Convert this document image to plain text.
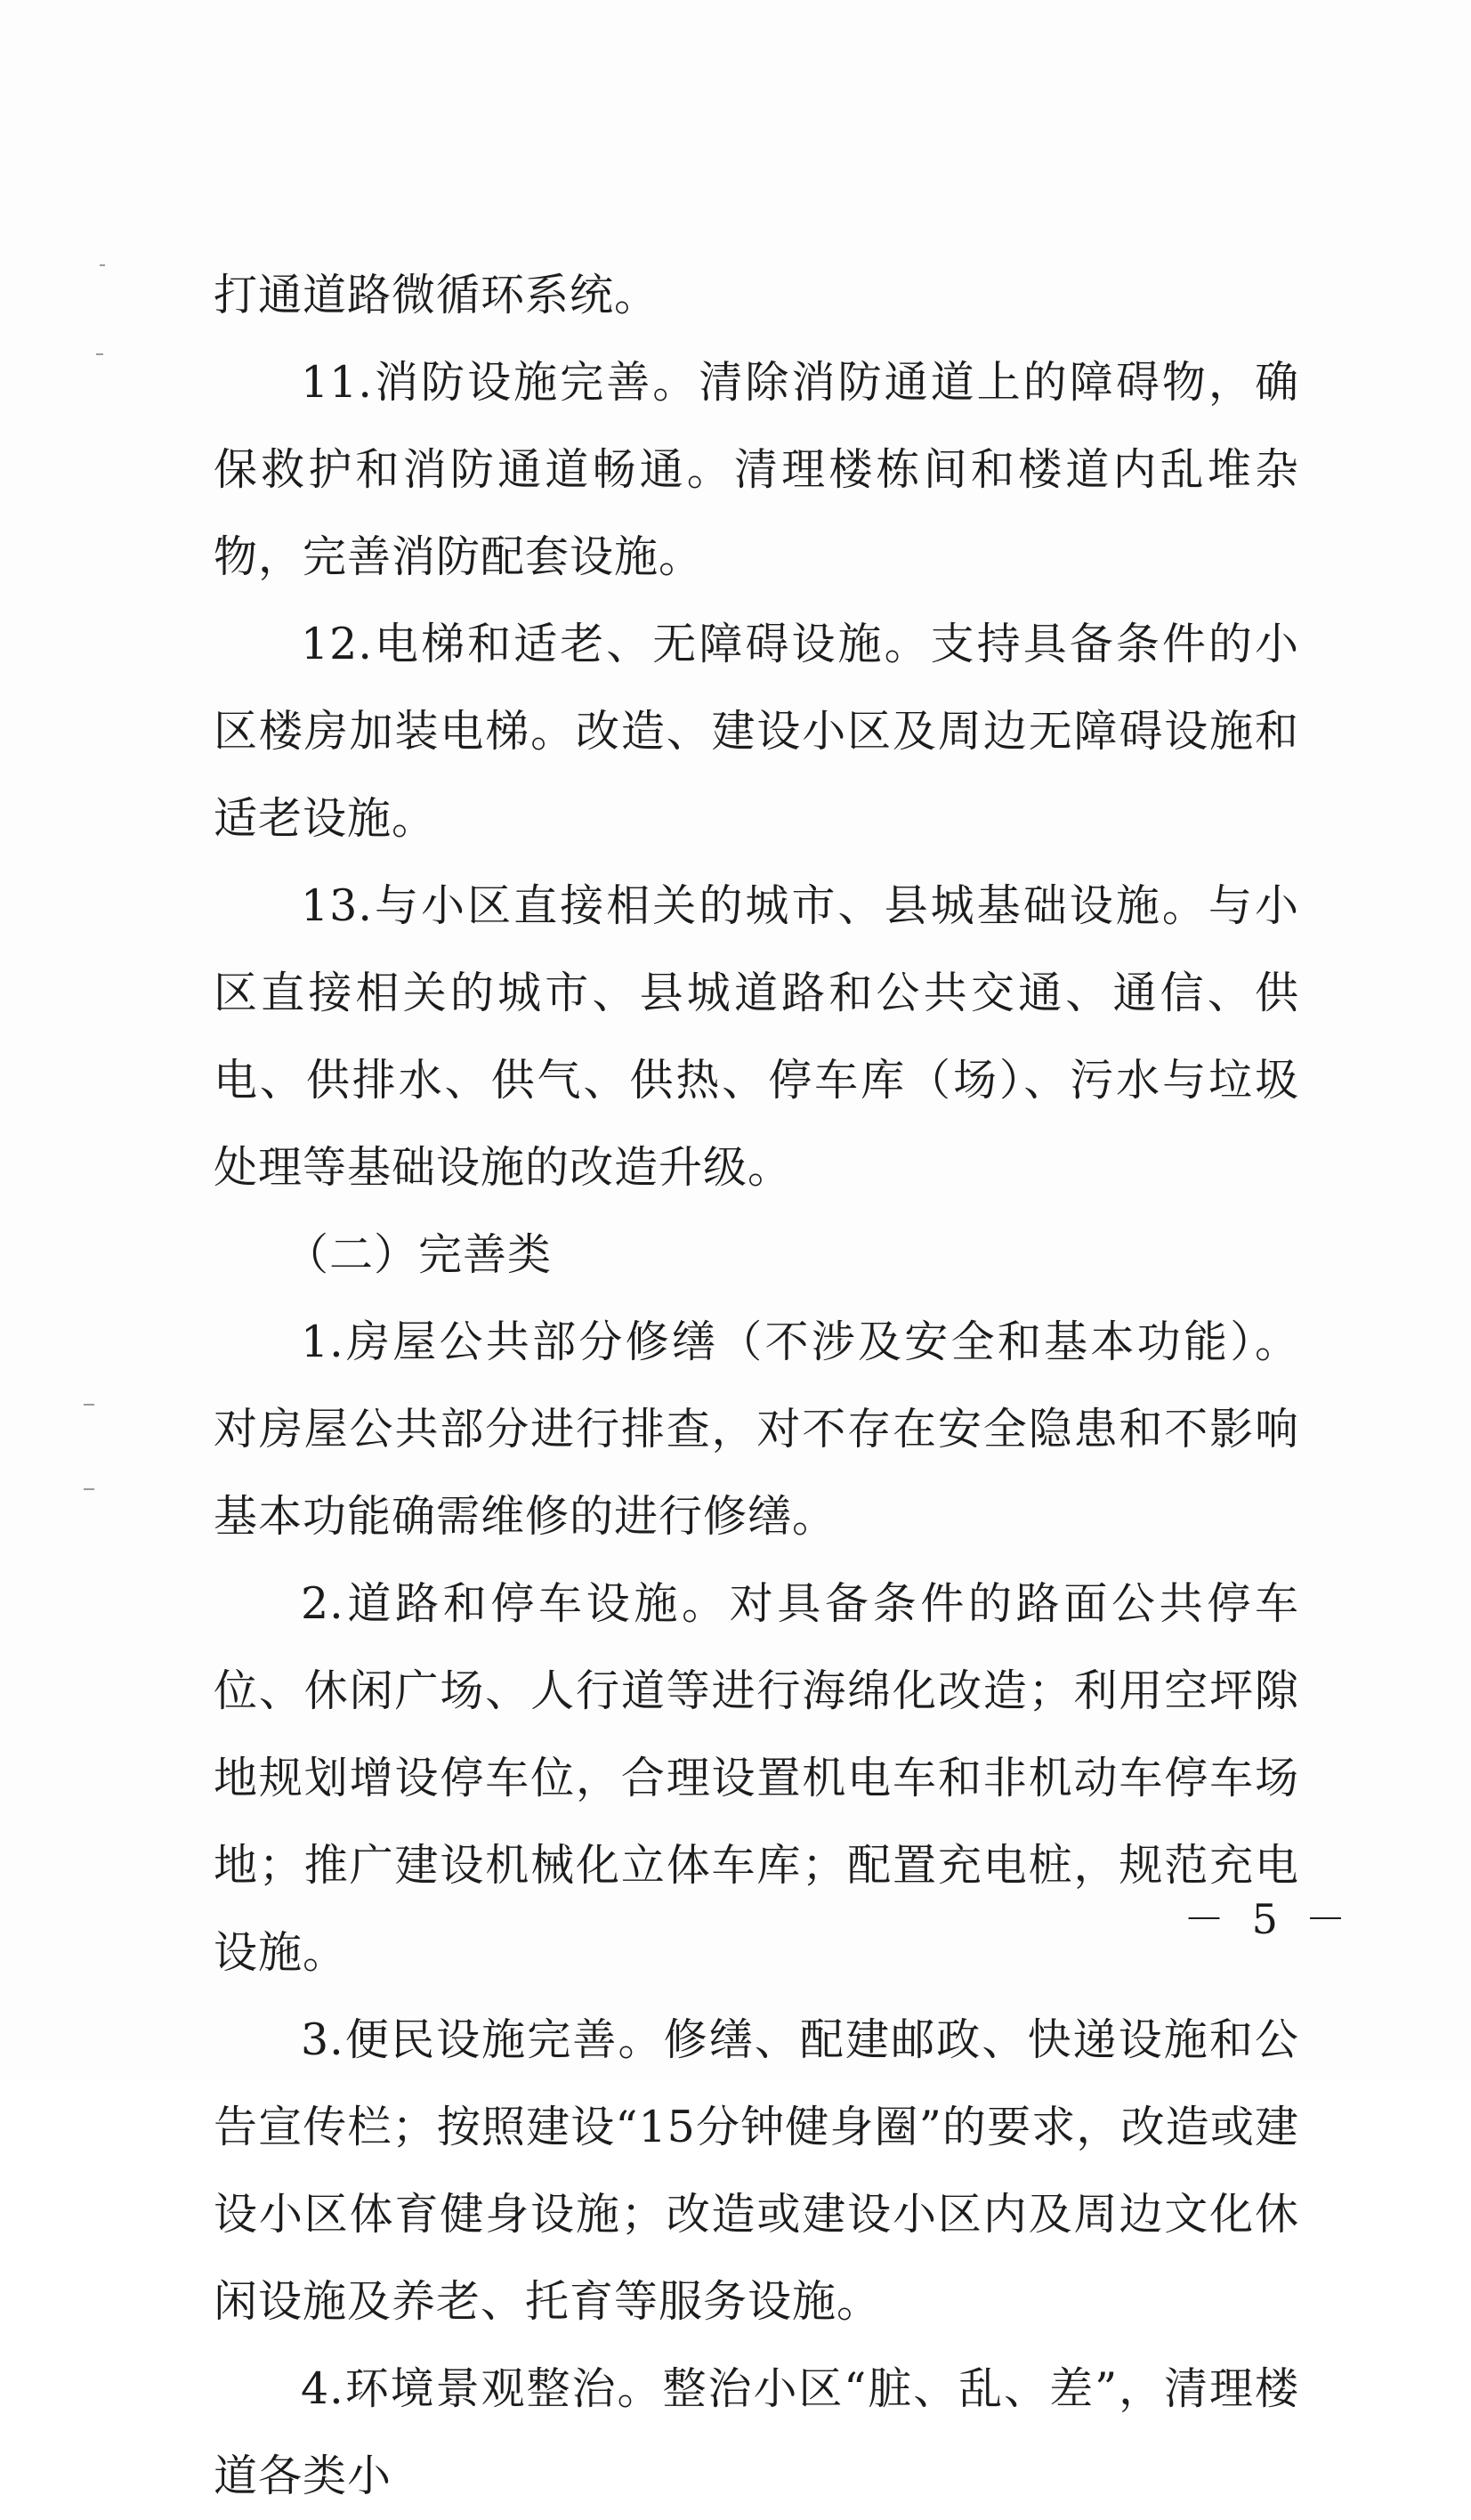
打通道路微循环系统。

11.消防设施完善。清除消防通道上的障碍物，确保救护和消防通道畅通。清理楼栋间和楼道内乱堆杂物，完善消防配套设施。

12.电梯和适老、无障碍设施。支持具备条件的小区楼房加装电梯。改造、建设小区及周边无障碍设施和适老设施。

13.与小区直接相关的城市、县城基础设施。与小区直接相关的城市、县城道路和公共交通、通信、供电、供排水、供气、供热、停车库（场）、污水与垃圾处理等基础设施的改造升级。

（二）完善类

1.房屋公共部分修缮（不涉及安全和基本功能）。对房屋公共部分进行排查，对不存在安全隐患和不影响基本功能确需维修的进行修缮。

2.道路和停车设施。对具备条件的路面公共停车位、休闲广场、人行道等进行海绵化改造；利用空坪隙地规划增设停车位，合理设置机电车和非机动车停车场地；推广建设机械化立体车库；配置充电桩，规范充电设施。

3.便民设施完善。修缮、配建邮政、快递设施和公告宣传栏；按照建设“15分钟健身圈”的要求，改造或建设小区体育健身设施；改造或建设小区内及周边文化休闲设施及养老、托育等服务设施。

4.环境景观整治。整治小区“脏、乱、差”，清理楼道各类小

－ 5 －
